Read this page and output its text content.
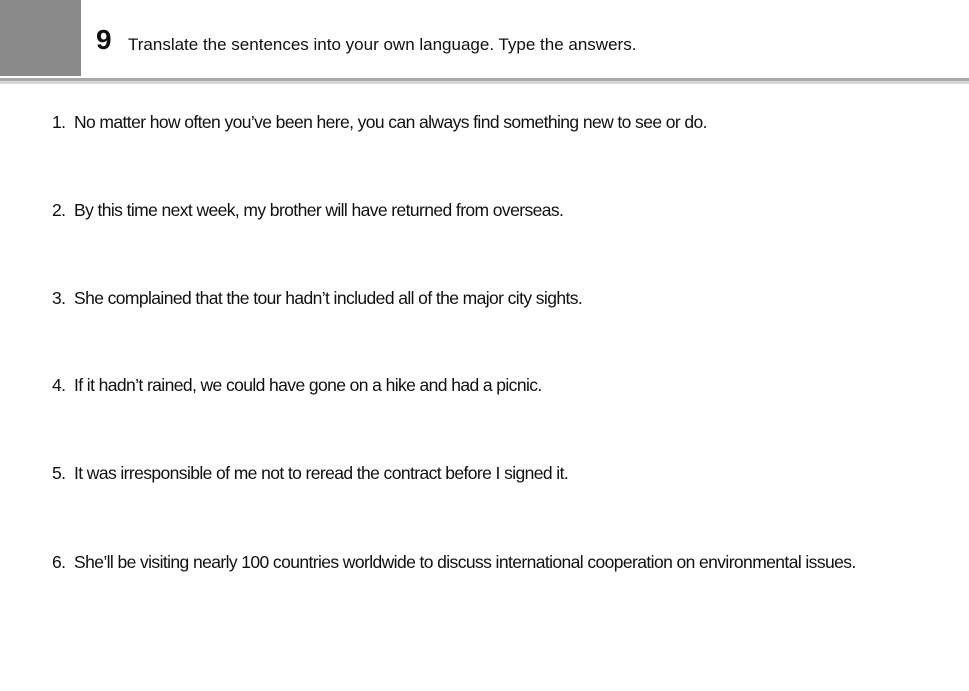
9 Translate the sentences into your own language. Type the answers.
1. No matter how often you’ve been here, you can always find something new to see or do.
2. By this time next week, my brother will have returned from overseas.
3. She complained that the tour hadn’t included all of the major city sights.
4. If it hadn’t rained, we could have gone on a hike and had a picnic.
5. It was irresponsible of me not to reread the contract before I signed it.
6. She’ll be visiting nearly 100 countries worldwide to discuss international cooperation on environmental issues.
